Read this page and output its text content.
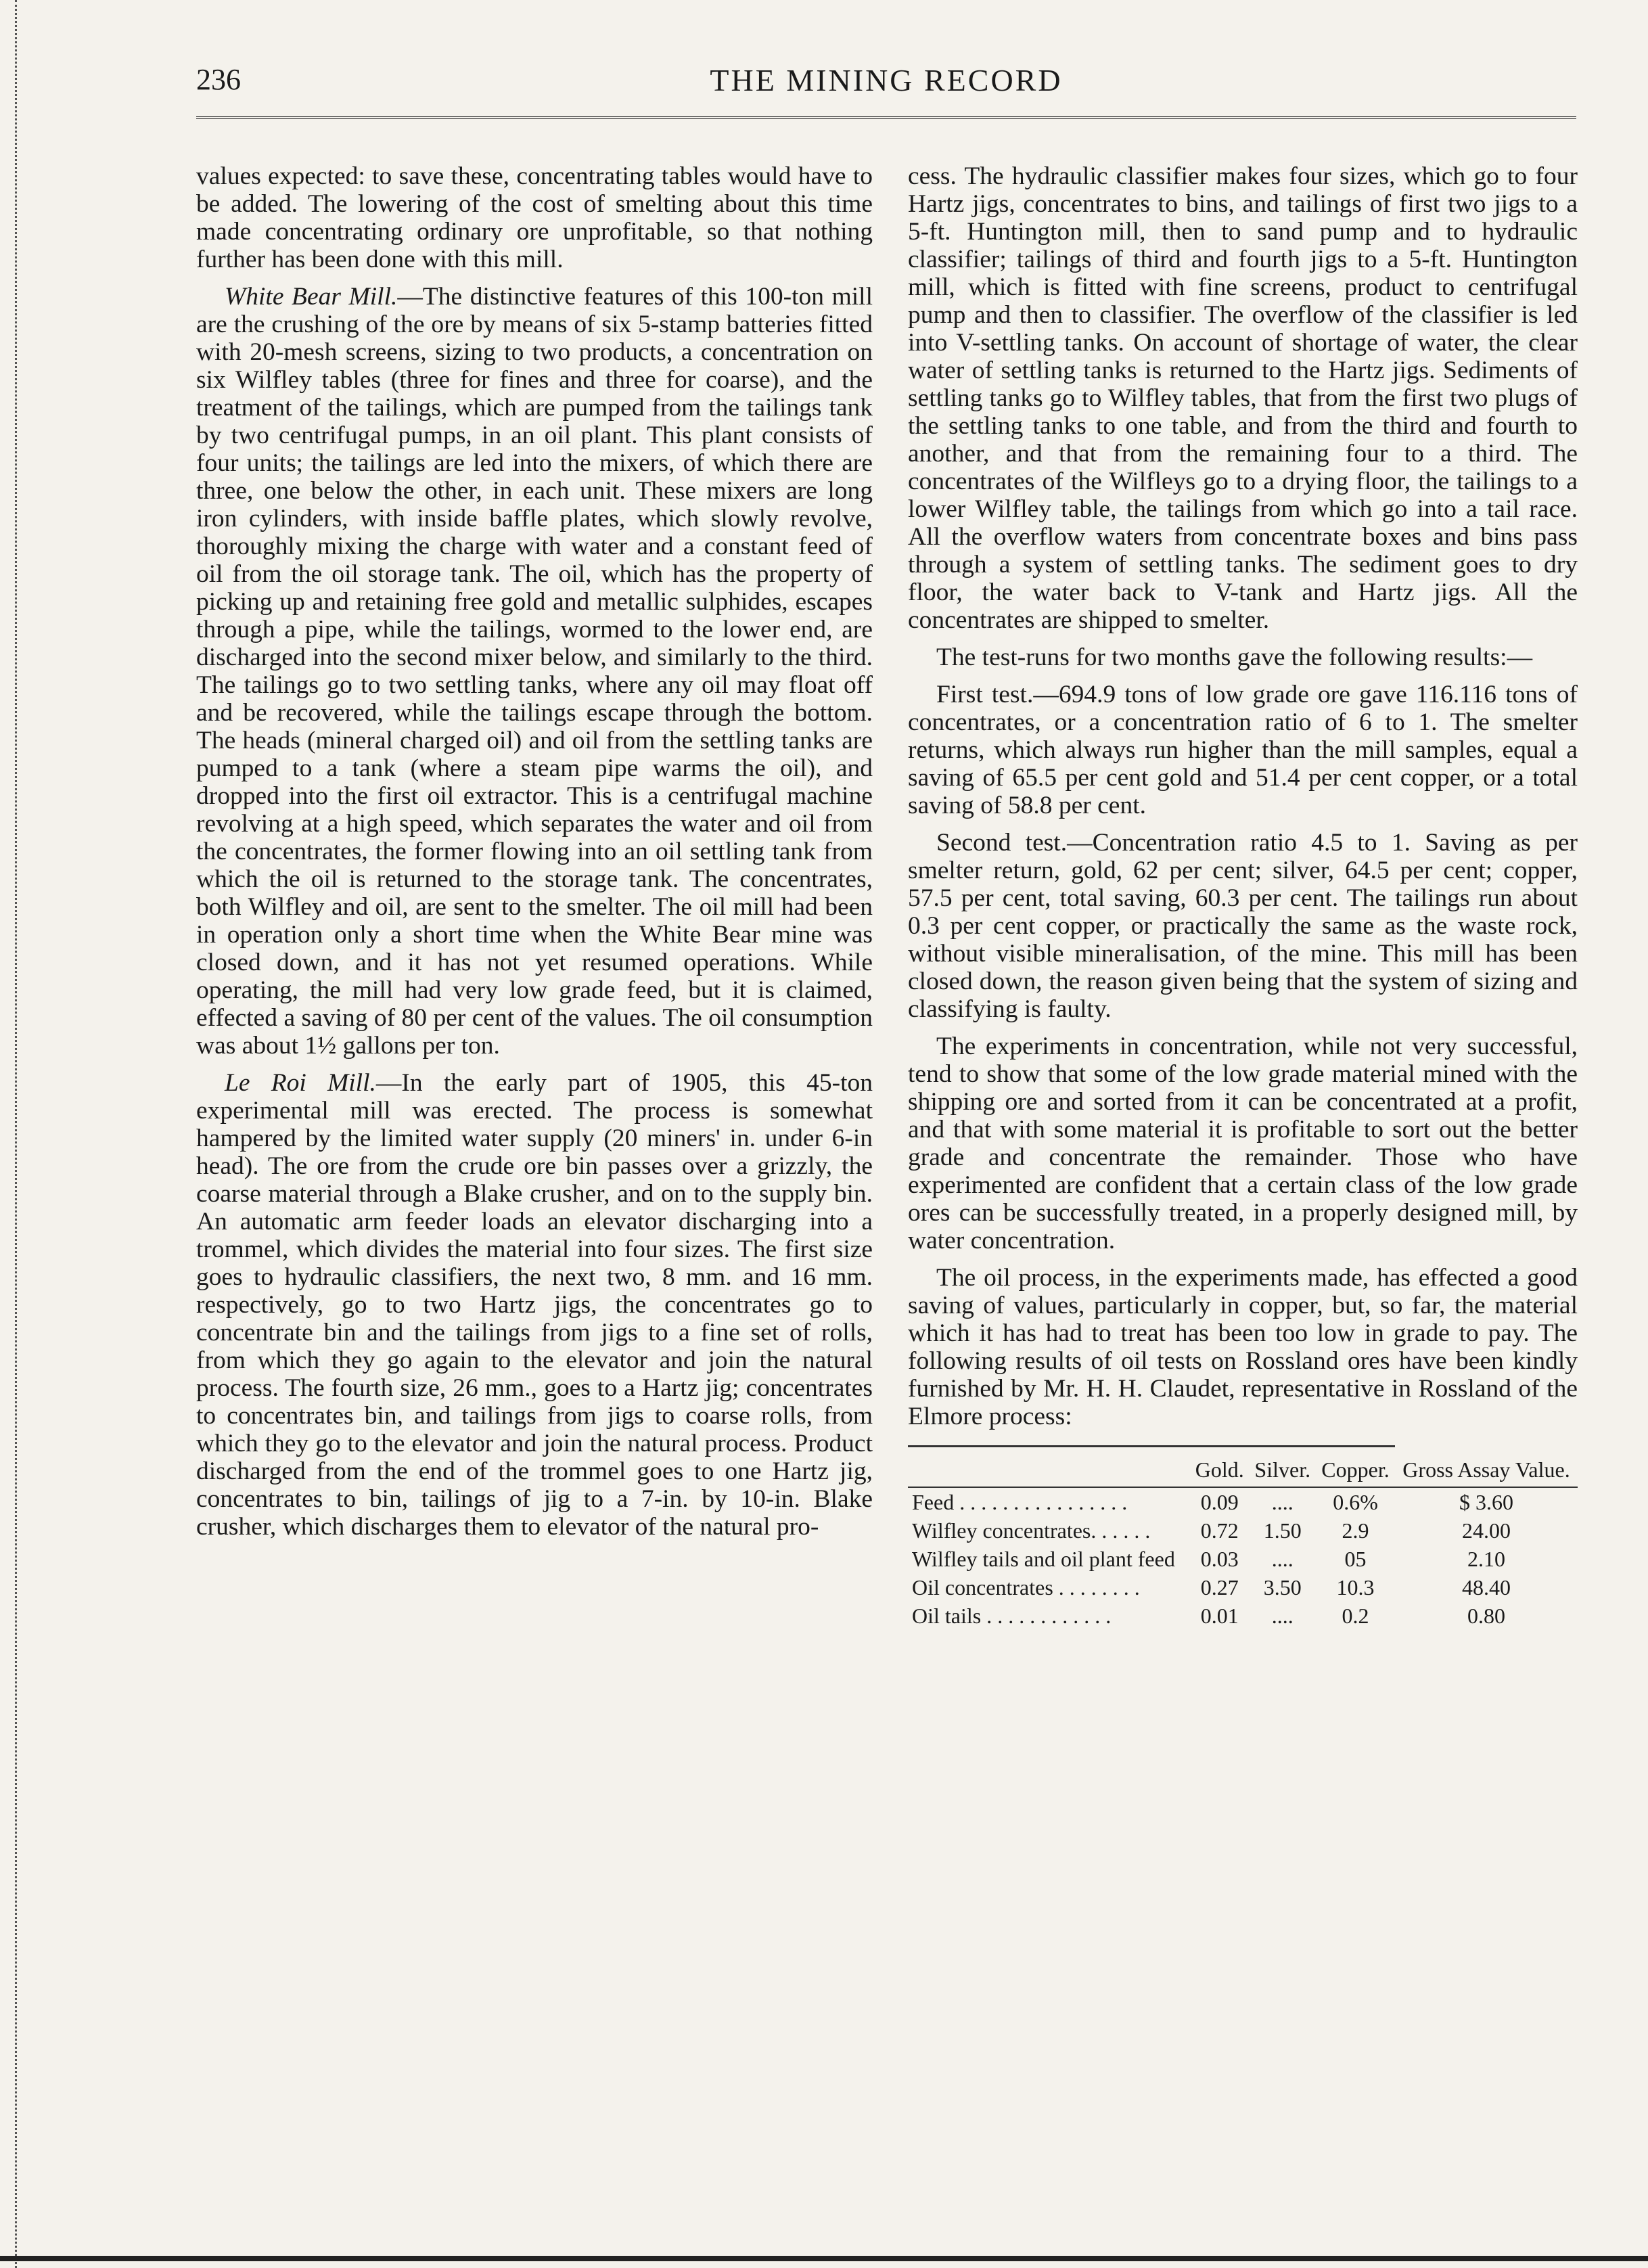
236	THE MINING RECORD

values expected: to save these, concentrating tables would have to be added. The lowering of the cost of smelting about this time made concentrating ordinary ore unprofitable, so that nothing further has been done with this mill.

White Bear Mill.—The distinctive features of this 100-ton mill are the crushing of the ore by means of six 5-stamp batteries fitted with 20-mesh screens, sizing to two products, a concentration on six Wilfley tables (three for fines and three for coarse), and the treatment of the tailings, which are pumped from the tailings tank by two centrifugal pumps, in an oil plant. This plant consists of four units; the tailings are led into the mixers, of which there are three, one below the other, in each unit. These mixers are long iron cylinders, with inside baffle plates, which slowly revolve, thoroughly mixing the charge with water and a constant feed of oil from the oil storage tank. The oil, which has the property of picking up and retaining free gold and metallic sulphides, escapes through a pipe, while the tailings, wormed to the lower end, are discharged into the second mixer below, and similarly to the third. The tailings go to two settling tanks, where any oil may float off and be recovered, while the tailings escape through the bottom. The heads (mineral charged oil) and oil from the settling tanks are pumped to a tank (where a steam pipe warms the oil), and dropped into the first oil extractor. This is a centrifugal machine revolving at a high speed, which separates the water and oil from the concentrates, the former flowing into an oil settling tank from which the oil is returned to the storage tank. The concentrates, both Wilfley and oil, are sent to the smelter. The oil mill had been in operation only a short time when the White Bear mine was closed down, and it has not yet resumed operations. While operating, the mill had very low grade feed, but it is claimed, effected a saving of 80 per cent of the values. The oil consumption was about 1½ gallons per ton.

Le Roi Mill.—In the early part of 1905, this 45-ton experimental mill was erected. The process is somewhat hampered by the limited water supply (20 miners' in. under 6-in head). The ore from the crude ore bin passes over a grizzly, the coarse material through a Blake crusher, and on to the supply bin. An automatic arm feeder loads an elevator discharging into a trommel, which divides the material into four sizes. The first size goes to hydraulic classifiers, the next two, 8 mm. and 16 mm. respectively, go to two Hartz jigs, the concentrates go to concentrate bin and the tailings from jigs to a fine set of rolls, from which they go again to the elevator and join the natural process. The fourth size, 26 mm., goes to a Hartz jig; concentrates to concentrates bin, and tailings from jigs to coarse rolls, from which they go to the elevator and join the natural process. Product discharged from the end of the trommel goes to one Hartz jig, concentrates to bin, tailings of jig to a 7-in. by 10-in. Blake crusher, which discharges them to elevator of the natural pro-

cess. The hydraulic classifier makes four sizes, which go to four Hartz jigs, concentrates to bins, and tailings of first two jigs to a 5-ft. Huntington mill, then to sand pump and to hydraulic classifier; tailings of third and fourth jigs to a 5-ft. Huntington mill, which is fitted with fine screens, product to centrifugal pump and then to classifier. The overflow of the classifier is led into V-settling tanks. On account of shortage of water, the clear water of settling tanks is returned to the Hartz jigs. Sediments of settling tanks go to Wilfley tables, that from the first two plugs of the settling tanks to one table, and from the third and fourth to another, and that from the remaining four to a third. The concentrates of the Wilfleys go to a drying floor, the tailings to a lower Wilfley table, the tailings from which go into a tail race. All the overflow waters from concentrate boxes and bins pass through a system of settling tanks. The sediment goes to dry floor, the water back to V-tank and Hartz jigs. All the concentrates are shipped to smelter.

The test-runs for two months gave the following results:—

First test.—694.9 tons of low grade ore gave 116.116 tons of concentrates, or a concentration ratio of 6 to 1. The smelter returns, which always run higher than the mill samples, equal a saving of 65.5 per cent gold and 51.4 per cent copper, or a total saving of 58.8 per cent.

Second test.—Concentration ratio 4.5 to 1. Saving as per smelter return, gold, 62 per cent; silver, 64.5 per cent; copper, 57.5 per cent, total saving, 60.3 per cent. The tailings run about 0.3 per cent copper, or practically the same as the waste rock, without visible mineralisation, of the mine. This mill has been closed down, the reason given being that the system of sizing and classifying is faulty.

The experiments in concentration, while not very successful, tend to show that some of the low grade material mined with the shipping ore and sorted from it can be concentrated at a profit, and that with some material it is profitable to sort out the better grade and concentrate the remainder. Those who have experimented are confident that a certain class of the low grade ores can be successfully treated, in a properly designed mill, by water concentration.

The oil process, in the experiments made, has effected a good saving of values, particularly in copper, but, so far, the material which it has had to treat has been too low in grade to pay. The following results of oil tests on Rossland ores have been kindly furnished by Mr. H. H. Claudet, representative in Rossland of the Elmore process:

	Gold.	Silver.	Copper.	Gross Assay Value.
Feed . . . . . . . . . . . . . . . .	0.09	....	0.6%	$ 3.60
Wilfley concentrates. . . . . .	0.72	1.50	2.9	24.00
Wilfley tails and oil plant feed	0.03	....	05	2.10
Oil concentrates . . . . . . . .	0.27	3.50	10.3	48.40
Oil tails . . . . . . . . . . . .	0.01	....	0.2	0.80
